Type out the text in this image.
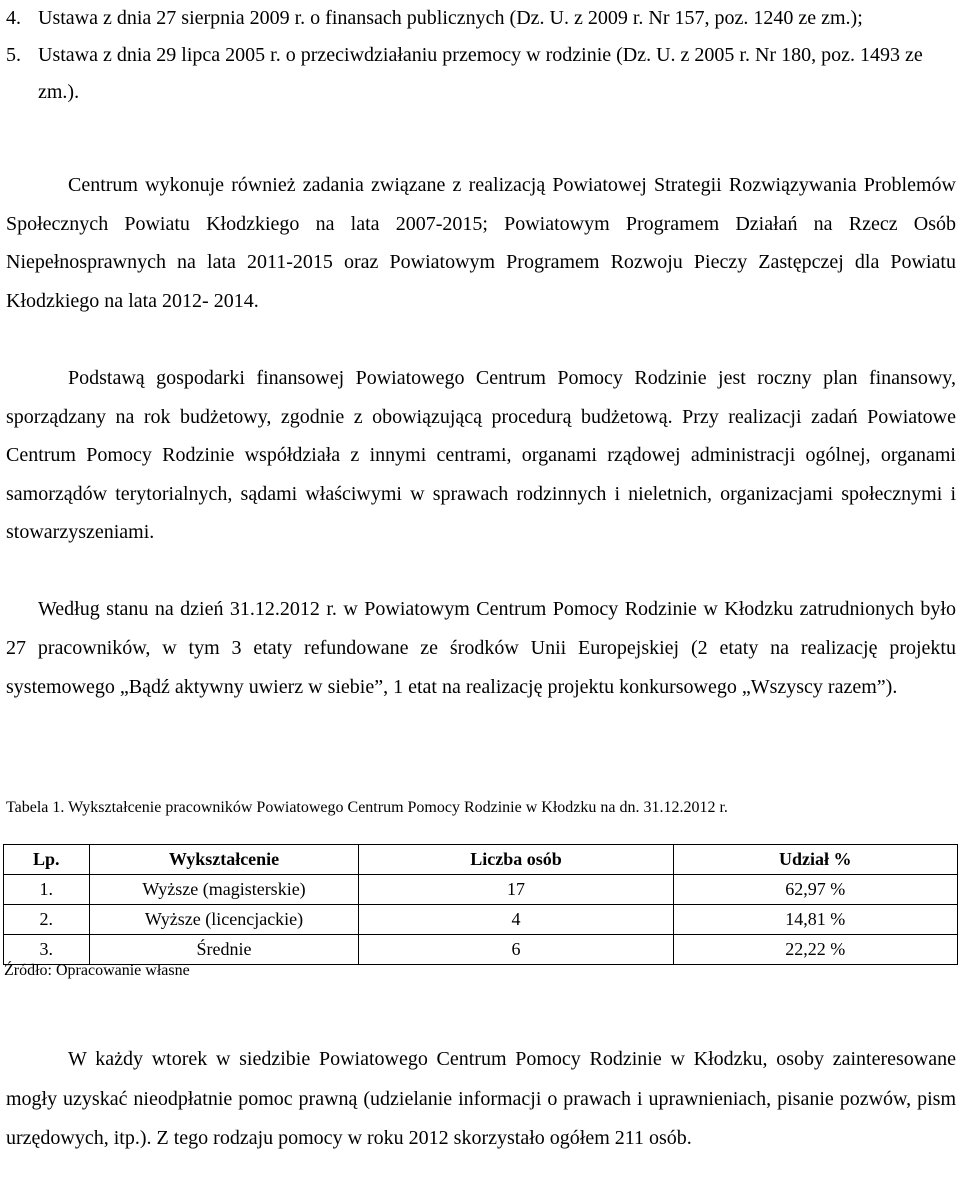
4. Ustawa z dnia 27 sierpnia 2009 r. o finansach publicznych (Dz. U. z 2009 r. Nr 157, poz. 1240 ze zm.);
5. Ustawa z dnia 29 lipca 2005 r. o przeciwdziałaniu przemocy w rodzinie (Dz. U. z 2005 r. Nr 180, poz. 1493 ze zm.).

Centrum wykonuje również zadania związane z realizacją Powiatowej Strategii Rozwiązywania Problemów Społecznych Powiatu Kłodzkiego na lata 2007-2015; Powiatowym Programem Działań na Rzecz Osób Niepełnosprawnych na lata 2011-2015 oraz Powiatowym Programem Rozwoju Pieczy Zastępczej dla Powiatu Kłodzkiego na lata 2012- 2014.

Podstawą gospodarki finansowej Powiatowego Centrum Pomocy Rodzinie jest roczny plan finansowy, sporządzany na rok budżetowy, zgodnie z obowiązującą procedurą budżetową. Przy realizacji zadań Powiatowe Centrum Pomocy Rodzinie współdziała z innymi centrami, organami rządowej administracji ogólnej, organami samorządów terytorialnych, sądami właściwymi w sprawach rodzinnych i nieletnich, organizacjami społecznymi i stowarzyszeniami.

Według stanu na dzień 31.12.2012 r. w Powiatowym Centrum Pomocy Rodzinie w Kłodzku zatrudnionych było 27 pracowników, w tym 3 etaty refundowane ze środków Unii Europejskiej (2 etaty na realizację projektu systemowego „Bądź aktywny uwierz w siebie”, 1 etat na realizację projektu konkursowego „Wszyscy razem”).

Tabela 1. Wykształcenie pracowników Powiatowego Centrum Pomocy Rodzinie w Kłodzku na dn. 31.12.2012 r.

Lp.	Wykształcenie	Liczba osób	Udział %
1.	Wyższe (magisterskie)	17	62,97 %
2.	Wyższe (licencjackie)	4	14,81 %
3.	Średnie	6	22,22 %

Źródło: Opracowanie własne

W każdy wtorek w siedzibie Powiatowego Centrum Pomocy Rodzinie w Kłodzku, osoby zainteresowane mogły uzyskać nieodpłatnie pomoc prawną (udzielanie informacji o prawach i uprawnieniach, pisanie pozwów, pism urzędowych, itp.). Z tego rodzaju pomocy w roku 2012 skorzystało ogółem 211 osób.
